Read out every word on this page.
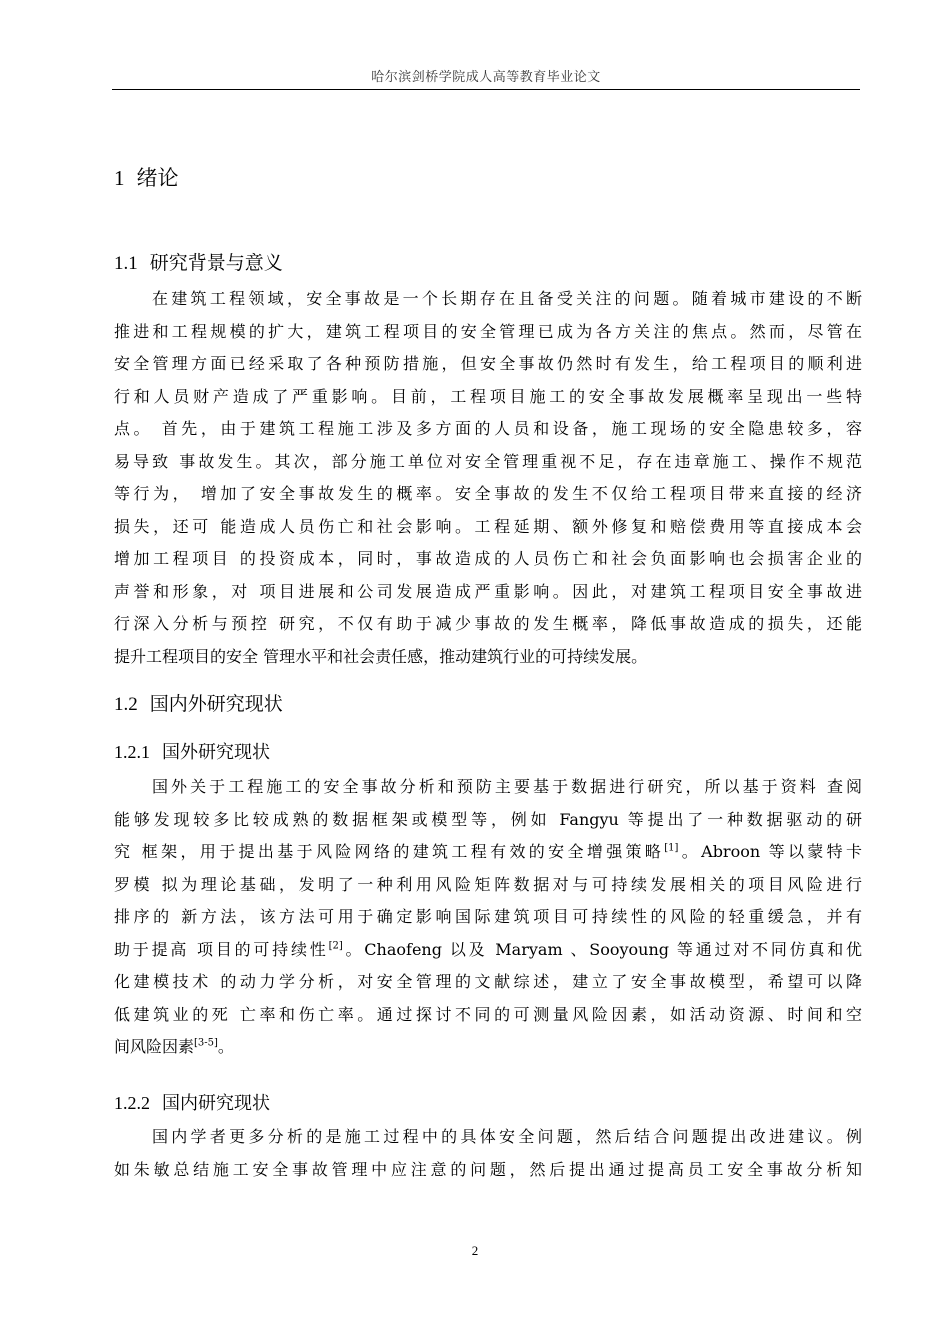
哈尔滨剑桥学院成人高等教育毕业论文
1 绪论
1.1 研究背景与意义
在建筑工程领域，安全事故是一个长期存在且备受关注的问题。随着城市建设的不断
推进和工程规模的扩大，建筑工程项目的安全管理已成为各方关注的焦点。然而，尽管在
安全管理方面已经采取了各种预防措施，但安全事故仍然时有发生，给工程项目的顺利进
行和人员财产造成了严重影响。目前，工程项目施工的安全事故发展概率呈现出一些特
点。 首先，由于建筑工程施工涉及多方面的人员和设备，施工现场的安全隐患较多，容
易导致 事故发生。其次，部分施工单位对安全管理重视不足，存在违章施工、操作不规范
等行为， 增加了安全事故发生的概率。安全事故的发生不仅给工程项目带来直接的经济
损失，还可 能造成人员伤亡和社会影响。工程延期、额外修复和赔偿费用等直接成本会
增加工程项目 的投资成本，同时，事故造成的人员伤亡和社会负面影响也会损害企业的
声誉和形象，对 项目进展和公司发展造成严重影响。因此，对建筑工程项目安全事故进
行深入分析与预控 研究，不仅有助于减少事故的发生概率，降低事故造成的损失，还能
提升工程项目的安全 管理水平和社会责任感，推动建筑行业的可持续发展。
1.2 国内外研究现状
1.2.1 国外研究现状
国外关于工程施工的安全事故分析和预防主要基于数据进行研究，所以基于资料 查阅
能够发现较多比较成熟的数据框架或模型等，例如 Fangyu 等提出了一种数据驱动的研
究 框架，用于提出基于风险网络的建筑工程有效的安全增强策略[1]。Abroon 等以蒙特卡
罗模 拟为理论基础，发明了一种利用风险矩阵数据对与可持续发展相关的项目风险进行
排序的 新方法，该方法可用于确定影响国际建筑项目可持续性的风险的轻重缓急，并有
助于提高 项目的可持续性[2]。Chaofeng 以及 Maryam 、Sooyoung 等通过对不同仿真和优
化建模技术 的动力学分析，对安全管理的文献综述，建立了安全事故模型，希望可以降
低建筑业的死 亡率和伤亡率。通过探讨不同的可测量风险因素，如活动资源、时间和空
间风险因素[3-5]。
1.2.2 国内研究现状
国内学者更多分析的是施工过程中的具体安全问题，然后结合问题提出改进建议。例
如朱敏总结施工安全事故管理中应注意的问题，然后提出通过提高员工安全事故分析知
2
